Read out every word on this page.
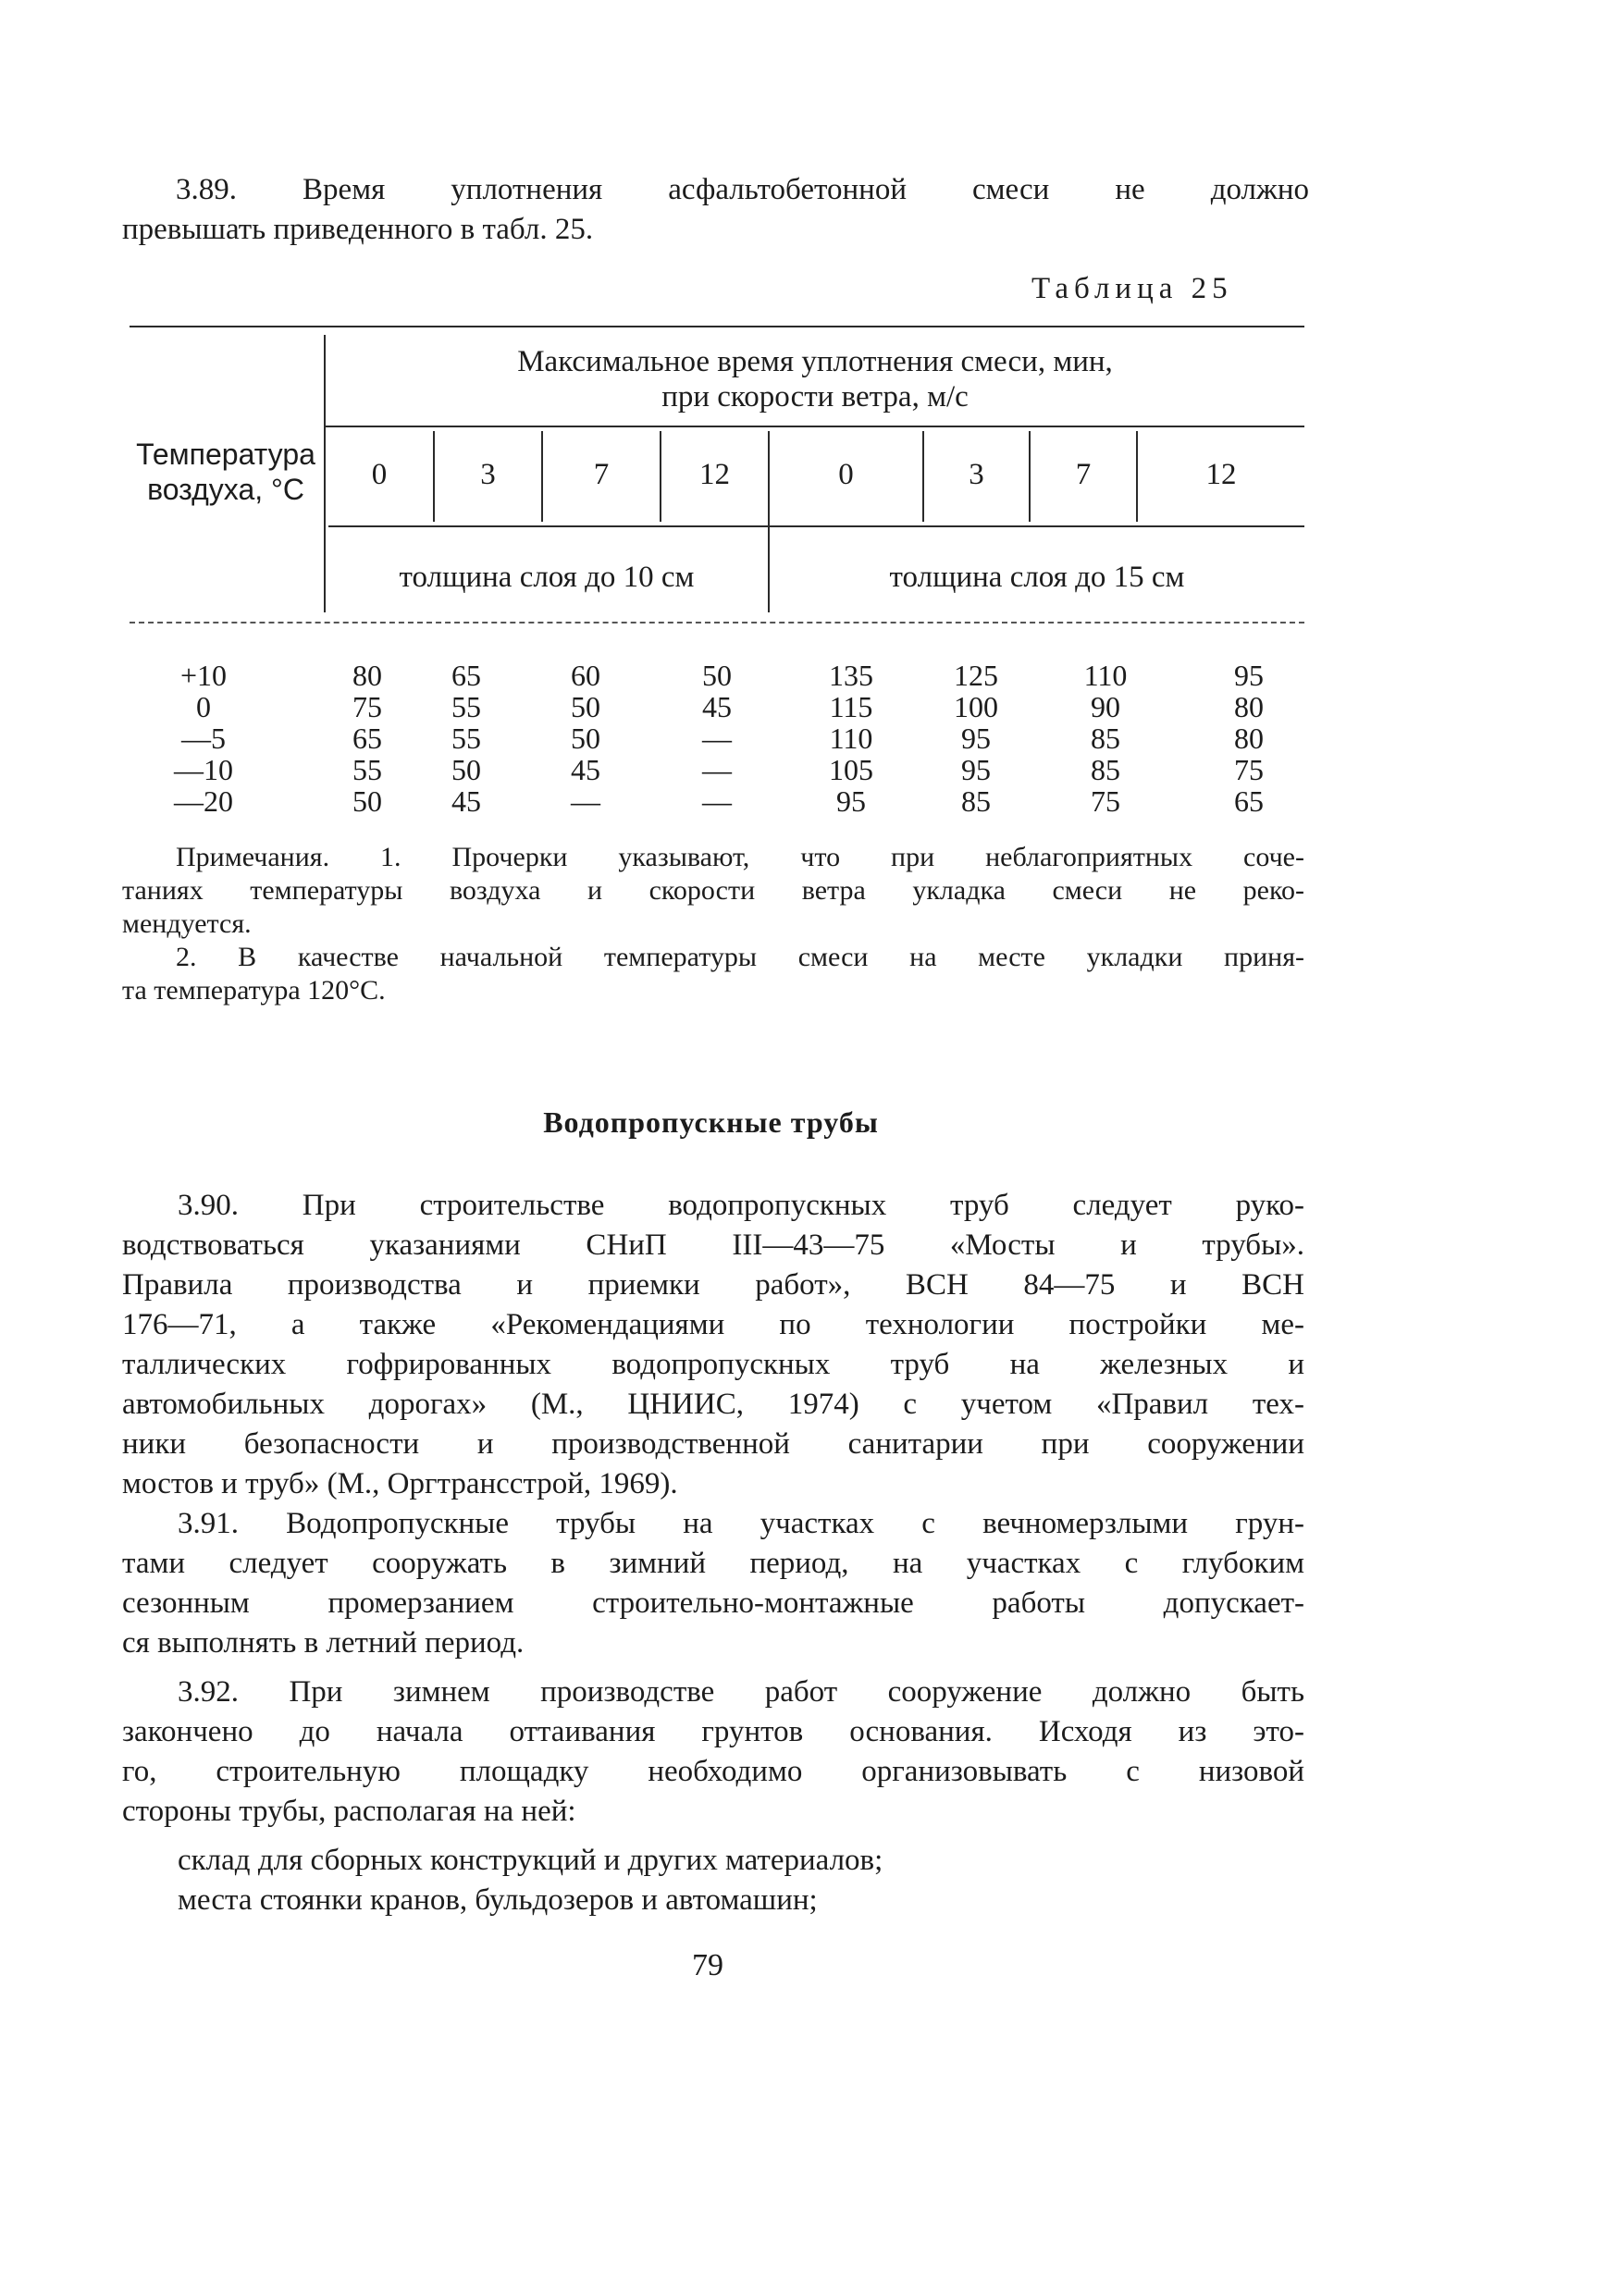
3.89. Время уплотнения асфальтобетонной смеси не должно
превышать приведенного в табл. 25.
Таблица 25
Температура
воздуха, °С
Максимальное время уплотнения смеси, мин,
при скорости ветра, м/с
0	3	7	12	0	3	7	12
толщина слоя до 10 см	толщина слоя до 15 см
+10	80	65	60	50	135	125	110	95
0	75	55	50	45	115	100	90	80
—5	65	55	50	—	110	95	85	80
—10	55	50	45	—	105	95	85	75
—20	50	45	—	—	95	85	75	65
Примечания. 1. Прочерки указывают, что при неблагоприятных соче-
таниях температуры воздуха и скорости ветра укладка смеси не реко-
мендуется.
2. В качестве начальной температуры смеси на месте укладки приня-
та температура 120°С.
Водопропускные трубы
3.90. При строительстве водопропускных труб следует руко-
водствоваться указаниями СНиП III—43—75 «Мосты и трубы».
Правила производства и приемки работ», ВСН 84—75 и ВСН
176—71, а также «Рекомендациями по технологии постройки ме-
таллических гофрированных водопропускных труб на железных и
автомобильных дорогах» (М., ЦНИИС, 1974) с учетом «Правил тех-
ники безопасности и производственной санитарии при сооружении
мостов и труб» (М., Оргтрансстрой, 1969).
3.91. Водопропускные трубы на участках с вечномерзлыми грун-
тами следует сооружать в зимний период, на участках с глубоким
сезонным промерзанием строительно-монтажные работы допускает-
ся выполнять в летний период.
3.92. При зимнем производстве работ сооружение должно быть
закончено до начала оттаивания грунтов основания. Исходя из это-
го, строительную площадку необходимо организовывать с низовой
стороны трубы, располагая на ней:
склад для сборных конструкций и других материалов;
места стоянки кранов, бульдозеров и автомашин;
79
